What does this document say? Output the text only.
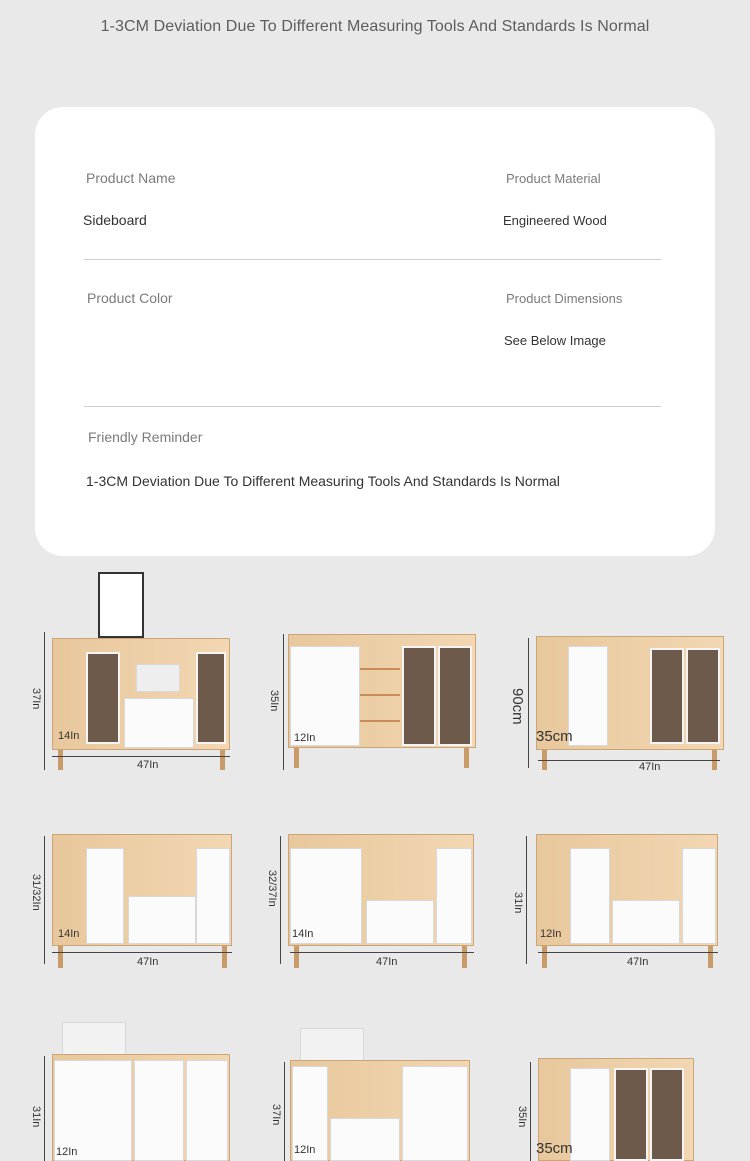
1-3CM Deviation Due To Different Measuring Tools And Standards Is Normal
Product Name
Sideboard
Product Material
Engineered Wood
Product Color	Product Dimensions
See Below Image
Friendly Reminder
1-3CM Deviation Due To Different Measuring Tools And Standards Is Normal
37In
47In
14In
35In
12In
90cm
47In
35cm
31/32In
47In
14In
32/37In
47In
14In
31In
47In
12In
31In
12In
37In
12In
35In
35cm
